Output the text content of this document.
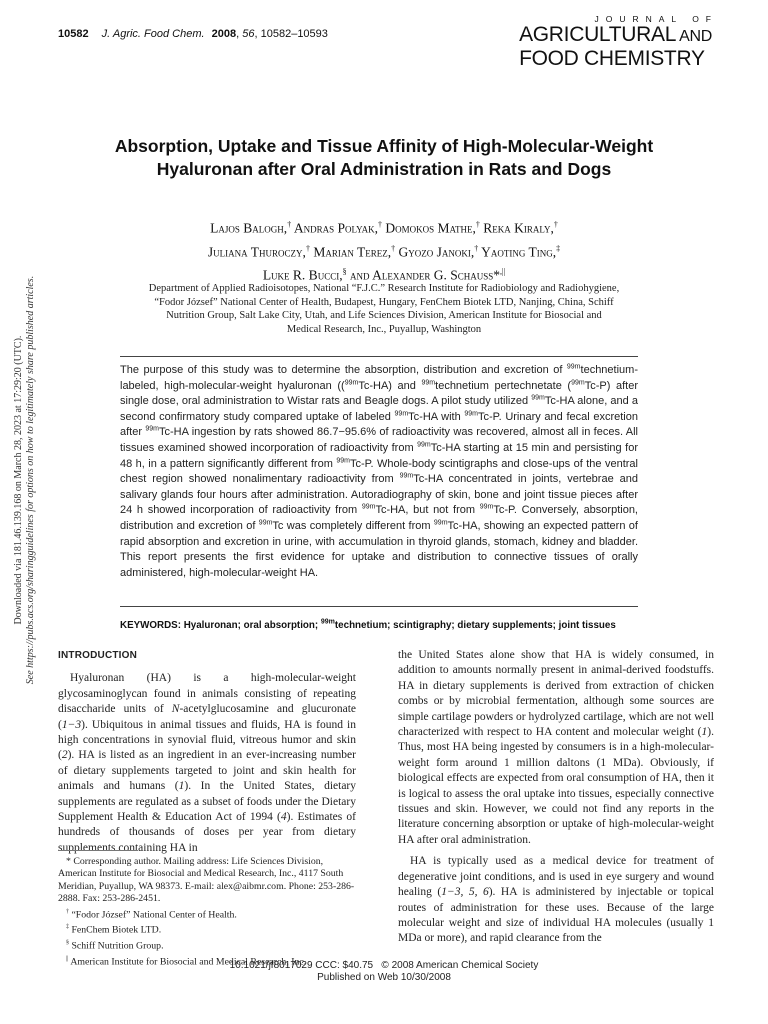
10582 J. Agric. Food Chem. 2008, 56, 10582–10593
JOURNAL OF
AGRICULTURAL AND
FOOD CHEMISTRY
Absorption, Uptake and Tissue Affinity of High-Molecular-Weight Hyaluronan after Oral Administration in Rats and Dogs
Lajos Balogh,† Andras Polyak,† Domokos Mathe,† Reka Kiraly,†
Juliana Thuroczy,† Marian Terez,† Gyozo Janoki,† Yaoting Ting,‡
Luke R. Bucci,§ and Alexander G. Schauss*,||
Department of Applied Radioisotopes, National “F.J.C.” Research Institute for Radiobiology and Radiohygiene, “Fodor József” National Center of Health, Budapest, Hungary, FenChem Biotek LTD, Nanjing, China, Schiff Nutrition Group, Salt Lake City, Utah, and Life Sciences Division, American Institute for Biosocial and Medical Research, Inc., Puyallup, Washington
Downloaded via 181.46.139.168 on March 28, 2023 at 17:29:20 (UTC). See https://pubs.acs.org/sharingguidelines for options on how to legitimately share published articles.	The purpose of this study was to determine the absorption, distribution and excretion of $^{99m}$technetium-labeled, high-molecular-weight hyaluronan (($^{99m}$Tc-HA) and $^{99m}$technetium pertechnetate ($^{99m}$Tc-P) after single dose, oral administration to Wistar rats and Beagle dogs. A pilot study utilized $^{99m}$Tc-HA alone, and a second confirmatory study compared uptake of labeled $^{99m}$Tc-HA with $^{99m}$Tc-P. Urinary and fecal excretion after $^{99m}$Tc-HA ingestion by rats showed 86.7−95.6% of radioactivity was recovered, almost all in feces. All tissues examined showed incorporation of radioactivity from $^{99m}$Tc-HA starting at 15 min and persisting for 48 h, in a pattern significantly different from $^{99m}$Tc-P. Whole-body scintigraphs and close-ups of the ventral chest region showed nonalimentary radioactivity from $^{99m}$Tc-HA concentrated in joints, vertebrae and salivary glands four hours after administration. Autoradiography of skin, bone and joint tissue pieces after 24 h showed incorporation of radioactivity from $^{99m}$Tc-HA, but not from $^{99m}$Tc-P. Conversely, absorption, distribution and excretion of $^{99m}$Tc was completely different from $^{99m}$Tc-HA, showing an expected pattern of rapid absorption and excretion in urine, with accumulation in thyroid glands, stomach, kidney and bladder. This report presents the first evidence for uptake and distribution to connective tissues of orally administered, high-molecular-weight HA.
KEYWORDS: Hyaluronan; oral absorption; $^{99m}$technetium; scintigraphy; dietary supplements; joint tissues
INTRODUCTION

Hyaluronan (HA) is a high-molecular-weight glycosaminoglycan found in animals consisting of repeating disaccharide units of N-acetylglucosamine and glucuronate (1−3). Ubiquitous in animal tissues and fluids, HA is found in high concentrations in synovial fluid, vitreous humor and skin (2). HA is listed as an ingredient in an ever-increasing number of dietary supplements targeted to joint and skin health for animals and humans (1). In the United States, dietary supplements are regulated as a subset of foods under the Dietary Supplement Health & Education Act of 1994 (4). Estimates of hundreds of thousands of doses per year from dietary supplements containing HA in

* Corresponding author. Mailing address: Life Sciences Division, American Institute for Biosocial and Medical Research, Inc., 4117 South Meridian, Puyallup, WA 98373. E-mail: alex@aibmr.com. Phone: 253-286-2888. Fax: 253-286-2451.
† “Fodor József” National Center of Health.
‡ FenChem Biotek LTD.
§ Schiff Nutrition Group.
|| American Institute for Biosocial and Medical Research, Inc.

the United States alone show that HA is widely consumed, in addition to amounts normally present in animal-derived foodstuffs. HA in dietary supplements is derived from extraction of chicken combs or by microbial fermentation, although some sources are simple cartilage powders or hydrolyzed cartilage, which are not well characterized with respect to HA content and molecular weight (1). Thus, most HA being ingested by consumers is in a high-molecular-weight form around 1 million daltons (1 MDa). Obviously, if biological effects are expected from oral consumption of HA, then it is logical to assess the oral uptake into tissues, especially connective tissues and skin. However, we could not find any reports in the literature concerning absorption or uptake of high-molecular-weight HA after oral administration.

HA is typically used as a medical device for treatment of degenerative joint conditions, and is used in eye surgery and wound healing (1−3, 5, 6). HA is administered by injectable or topical routes of administration for these uses. Because of the large molecular weight and size of individual HA molecules (usually 1 MDa or more), and rapid clearance from the

10.1021/jf8017029 CCC: $40.75   © 2008 American Chemical Society
Published on Web 10/30/2008
